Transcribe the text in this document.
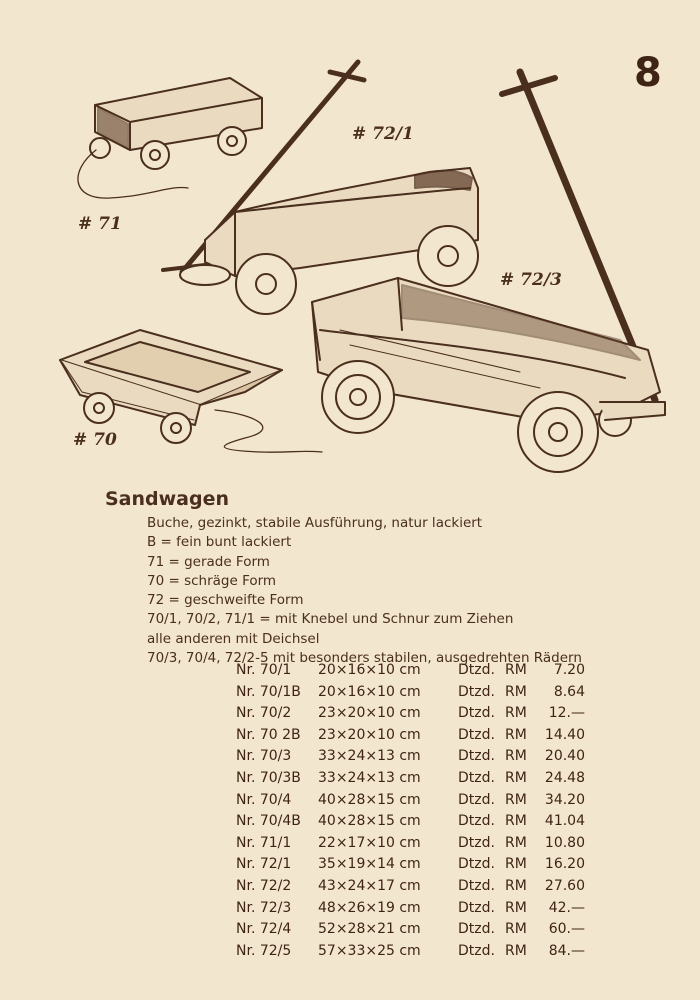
8
# 71
# 72/1
# 72/3
# 70
Sandwagen
Buche, gezinkt, stabile Ausführung, natur lackiert
B = fein bunt lackiert
71 = gerade Form
70 = schräge Form
72 = geschweifte Form
70/1, 70/2, 71/1 = mit Knebel und Schnur zum Ziehen
alle anderen mit Deichsel
70/3, 70/4, 72/2-5 mit besonders stabilen, ausgedrehten Rädern
Nr. 70/1	20×16×10 cm	Dtzd. RM	7.20
Nr. 70/1B	20×16×10 cm	Dtzd. RM	8.64
Nr. 70/2	23×20×10 cm	Dtzd. RM	12.—
Nr. 70 2B	23×20×10 cm	Dtzd. RM	14.40
Nr. 70/3	33×24×13 cm	Dtzd. RM	20.40
Nr. 70/3B	33×24×13 cm	Dtzd. RM	24.48
Nr. 70/4	40×28×15 cm	Dtzd. RM	34.20
Nr. 70/4B	40×28×15 cm	Dtzd. RM	41.04
Nr. 71/1	22×17×10 cm	Dtzd. RM	10.80
Nr. 72/1	35×19×14 cm	Dtzd. RM	16.20
Nr. 72/2	43×24×17 cm	Dtzd. RM	27.60
Nr. 72/3	48×26×19 cm	Dtzd. RM	42.—
Nr. 72/4	52×28×21 cm	Dtzd. RM	60.—
Nr. 72/5	57×33×25 cm	Dtzd. RM	84.—
